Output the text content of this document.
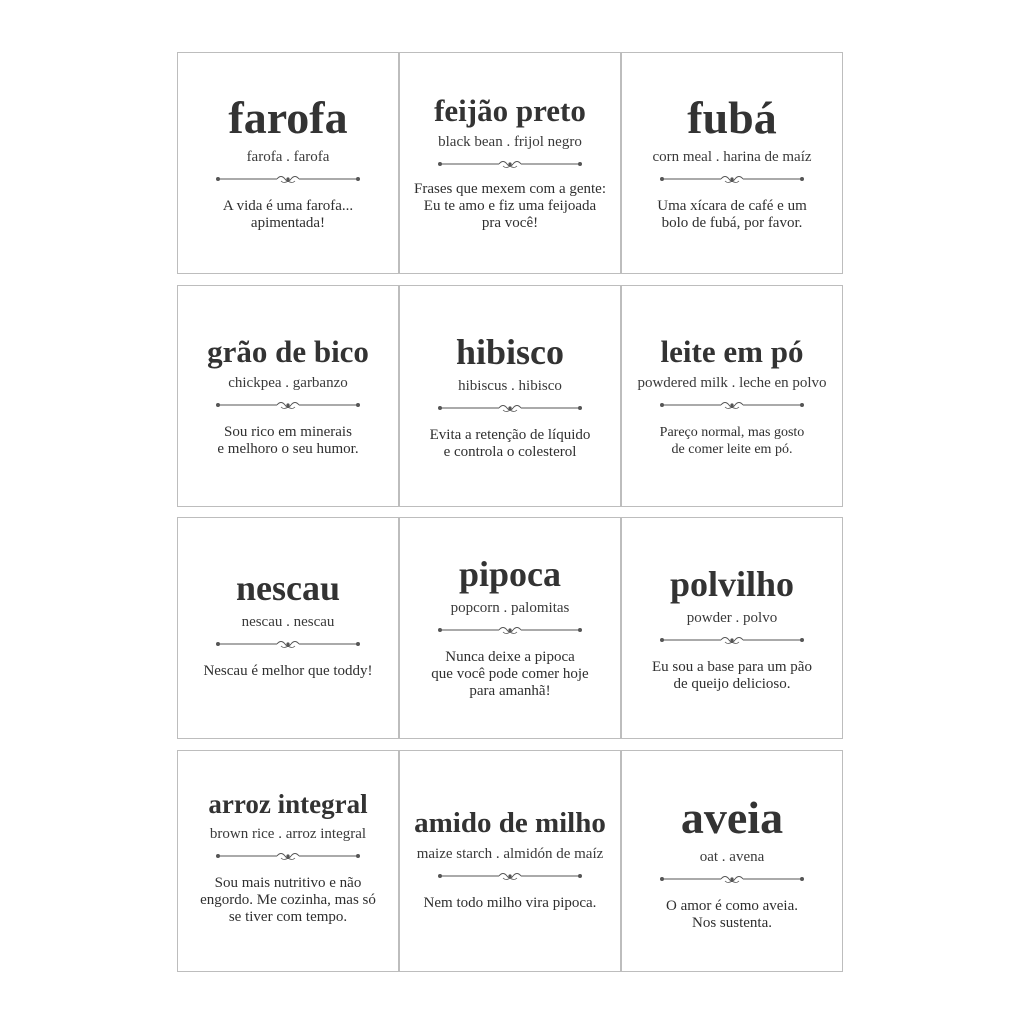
farofa
farofa . farofa
A vida é uma farofa...
apimentada!
feijão preto
black bean . frijol negro
Frases que mexem com a gente:
Eu te amo e fiz uma feijoada
pra você!
fubá
corn meal . harina de maíz
Uma xícara de café e um
bolo de fubá, por favor.
grão de bico
chickpea . garbanzo
Sou rico em minerais
e melhoro o seu humor.
hibisco
hibiscus . hibisco
Evita a retenção de líquido
e controla o colesterol
leite em pó
powdered milk . leche en polvo
Pareço normal, mas gosto
de comer leite em pó.
nescau
nescau . nescau
Nescau é melhor que toddy!
pipoca
popcorn . palomitas
Nunca deixe a pipoca
que você pode comer hoje
para amanhã!
polvilho
powder . polvo
Eu sou a base para um pão
de queijo delicioso.
arroz integral
brown rice . arroz integral
Sou mais nutritivo e não
engordo. Me cozinha, mas só
se tiver com tempo.
amido de milho
maize starch . almidón de maíz
Nem todo milho vira pipoca.
aveia
oat . avena
O amor é como aveia.
Nos sustenta.
